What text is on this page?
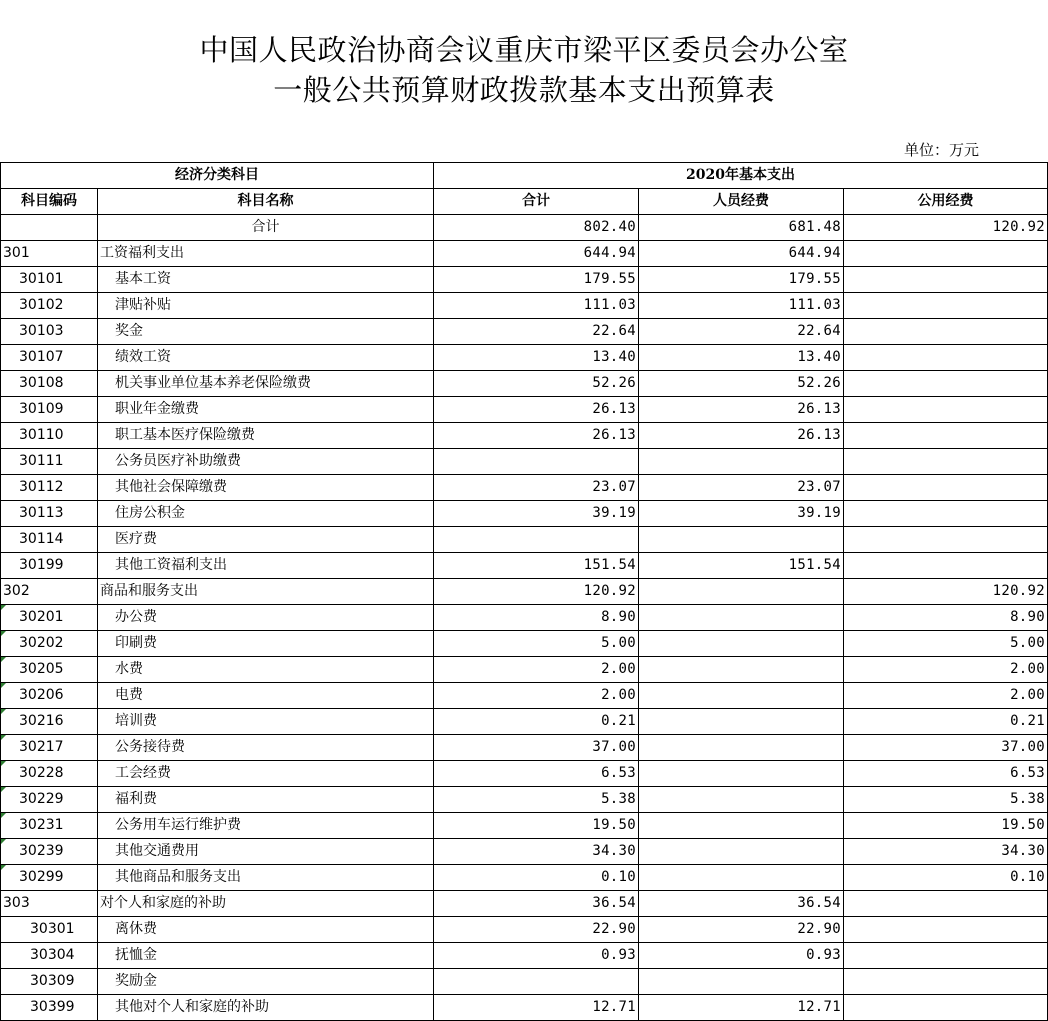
中国人民政治协商会议重庆市梁平区委员会办公室
一般公共预算财政拨款基本支出预算表
单位：万元
经济分类科目		2020年基本支出		
科目编码	科目名称	合计	人员经费	公用经费
	合计	802.40	681.48	120.92
301	工资福利支出	644.94	644.94	
30101	基本工资	179.55	179.55	
30102	津贴补贴	111.03	111.03	
30103	奖金	22.64	22.64	
30107	绩效工资	13.40	13.40	
30108	机关事业单位基本养老保险缴费	52.26	52.26	
30109	职业年金缴费	26.13	26.13	
30110	职工基本医疗保险缴费	26.13	26.13	
30111	公务员医疗补助缴费			
30112	其他社会保障缴费	23.07	23.07	
30113	住房公积金	39.19	39.19	
30114	医疗费			
30199	其他工资福利支出	151.54	151.54	
302	商品和服务支出	120.92		120.92
30201	办公费	8.90		8.90
30202	印刷费	5.00		5.00
30205	水费	2.00		2.00
30206	电费	2.00		2.00
30216	培训费	0.21		0.21
30217	公务接待费	37.00		37.00
30228	工会经费	6.53		6.53
30229	福利费	5.38		5.38
30231	公务用车运行维护费	19.50		19.50
30239	其他交通费用	34.30		34.30
30299	其他商品和服务支出	0.10		0.10
303	对个人和家庭的补助	36.54	36.54	
30301	离休费	22.90	22.90	
30304	抚恤金	0.93	0.93	
30309	奖励金			
30399	其他对个人和家庭的补助	12.71	12.71	
